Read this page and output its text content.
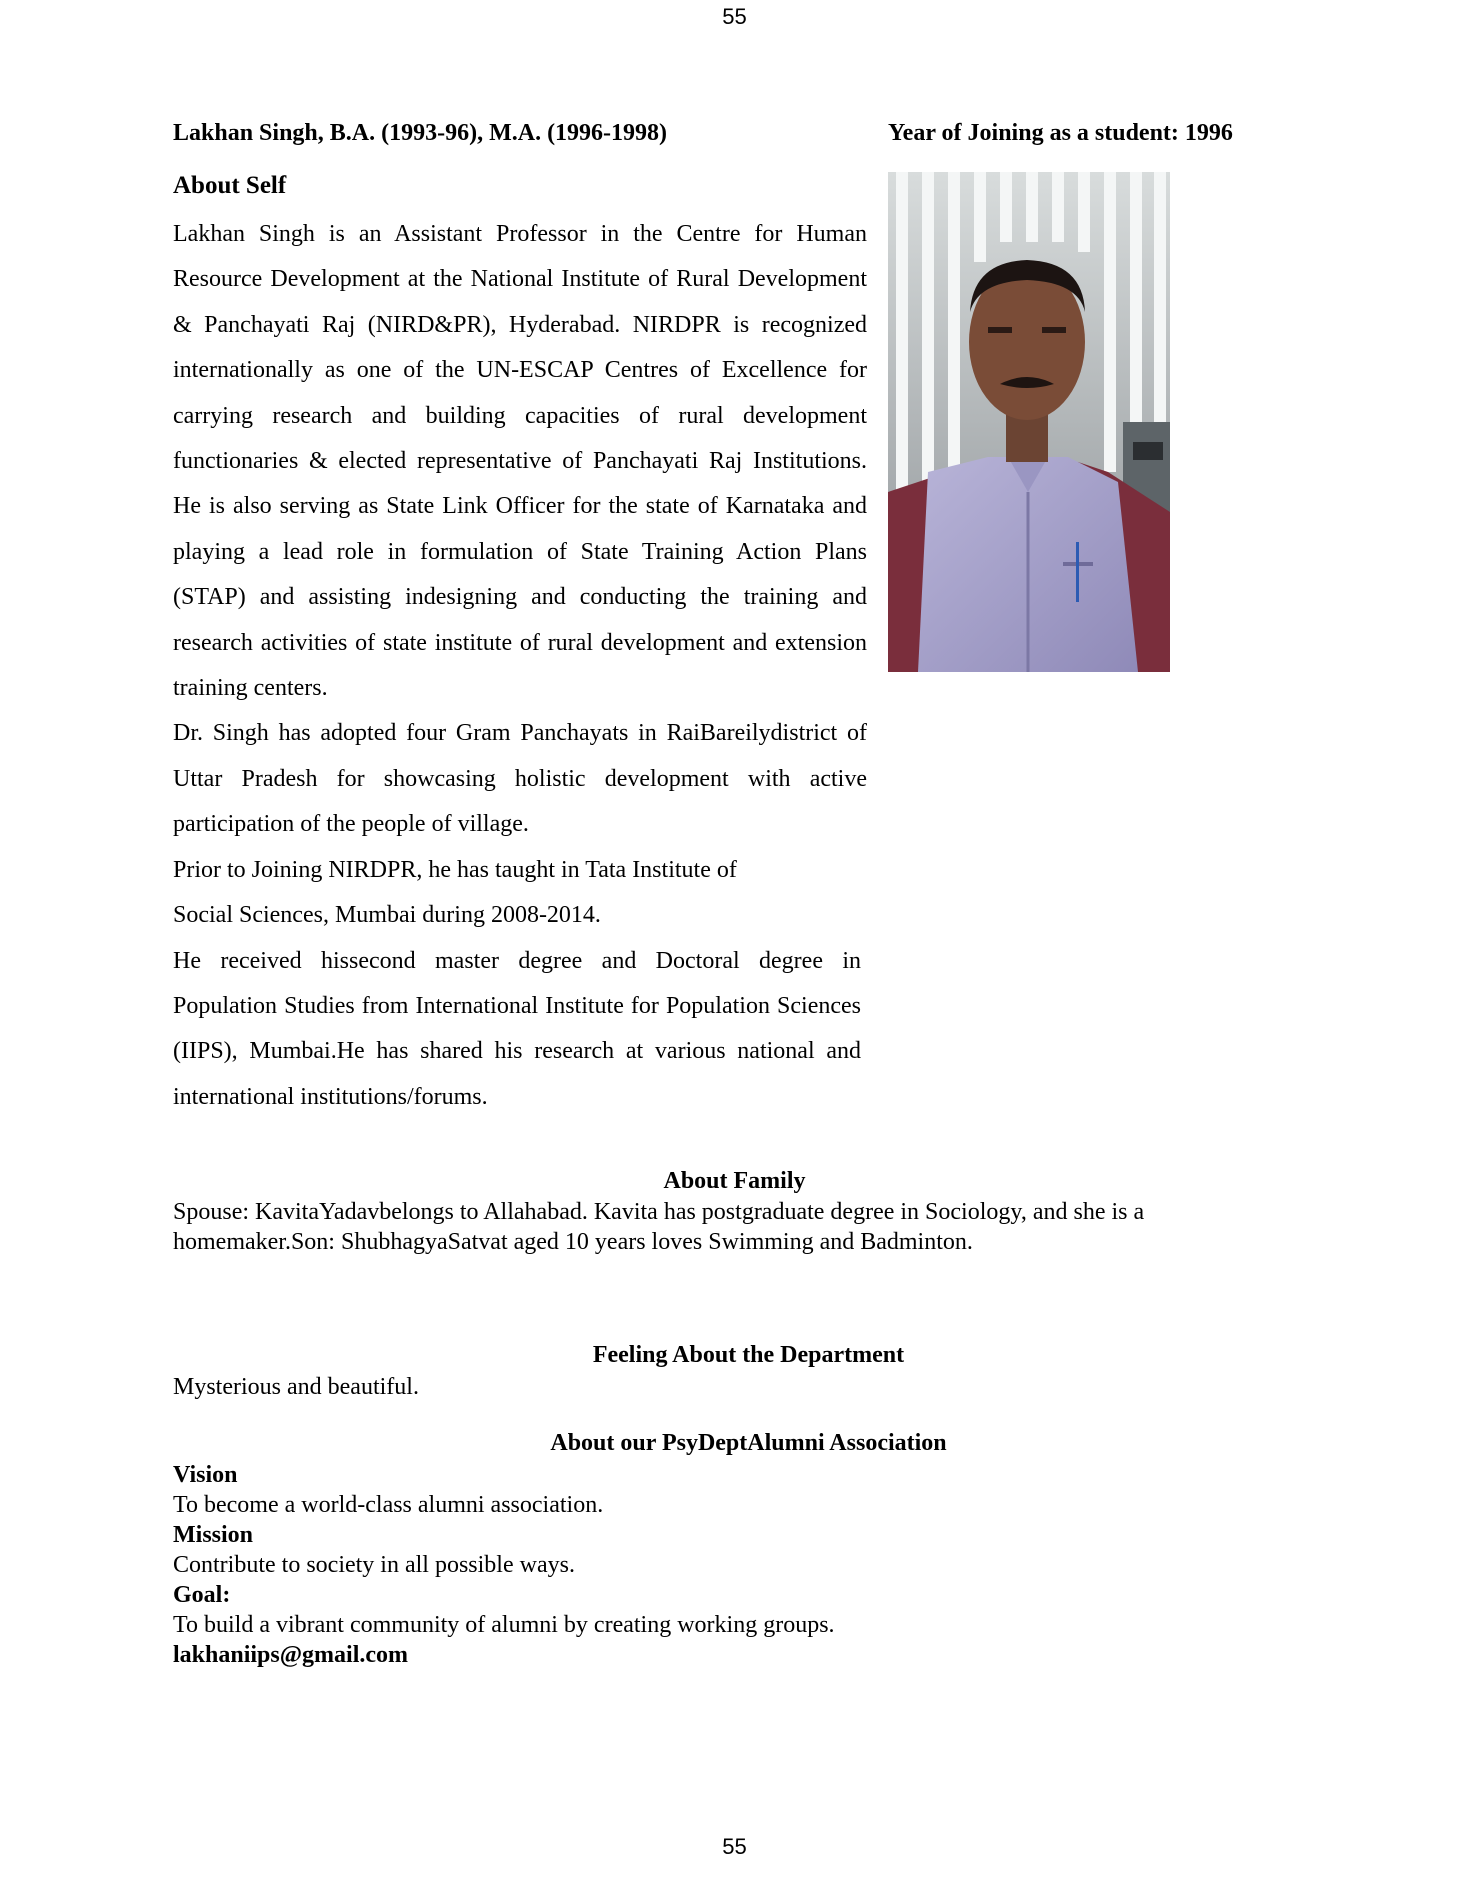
55
Lakhan Singh, B.A. (1993-96), M.A. (1996-1998)	Year of Joining as a student: 1996
About Self

Lakhan Singh is an Assistant Professor in the Centre for Human Resource Development at the National Institute of Rural Development & Panchayati Raj (NIRD&PR), Hyderabad. NIRDPR is recognized internationally as one of the UN-ESCAP Centres of Excellence for carrying research and building capacities of rural development functionaries & elected representative of Panchayati Raj Institutions. He is also serving as State Link Officer for the state of Karnataka and playing a lead role in formulation of State Training Action Plans (STAP) and assisting indesigning and conducting the training and research activities of state institute of rural development and extension training centers.

Dr. Singh has adopted four Gram Panchayats in RaiBareilydistrict of Uttar Pradesh for showcasing holistic development with active participation of the people of village.

Prior to Joining NIRDPR, he has taught in Tata Institute of

Social Sciences, Mumbai during 2008-2014.

He received hissecond master degree and Doctoral degree in Population Studies from International Institute for Population Sciences (IIPS), Mumbai.He has shared his research at various national and international institutions/forums.

About Family
Spouse: KavitaYadavbelongs to Allahabad. Kavita has postgraduate degree in Sociology, and she is a homemaker.Son: ShubhagyaSatvat aged 10 years loves Swimming and Badminton.
Feeling About the Department
Mysterious and beautiful.
About our PsyDeptAlumni Association
Vision
To become a world-class alumni association.
Mission
Contribute to society in all possible ways.
Goal:
To build a vibrant community of alumni by creating working groups.
lakhaniips@gmail.com
55
